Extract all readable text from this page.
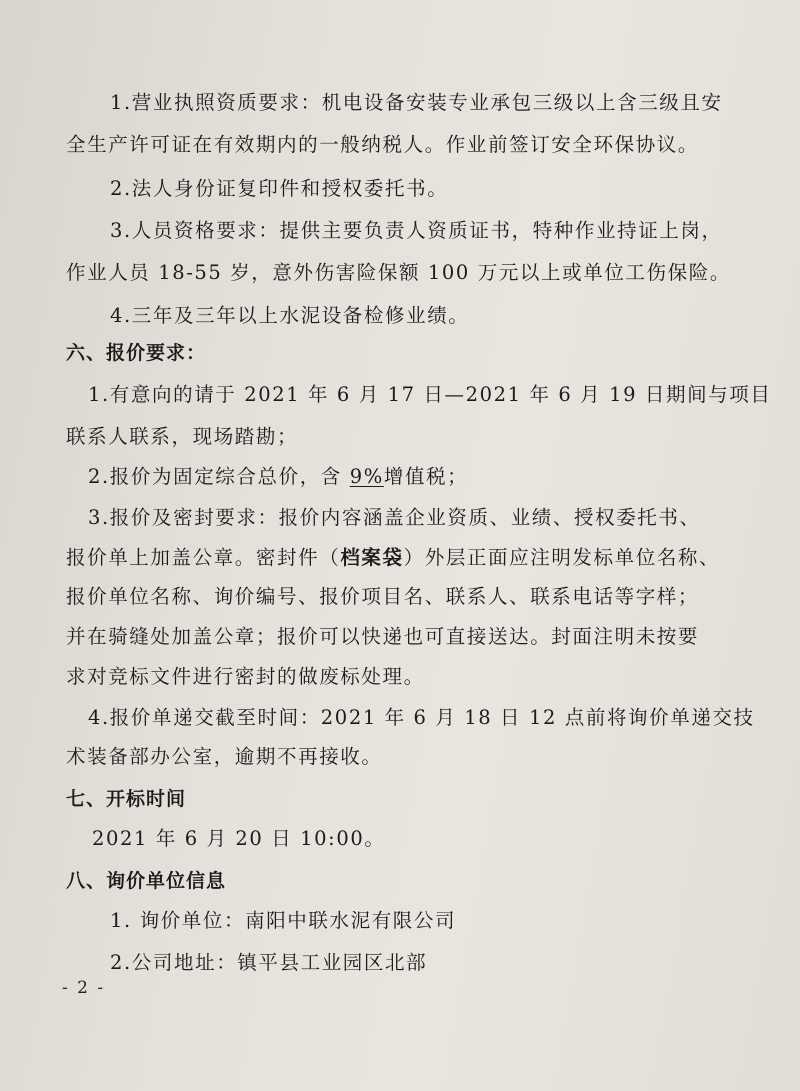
1.营业执照资质要求：机电设备安装专业承包三级以上含三级且安
全生产许可证在有效期内的一般纳税人。作业前签订安全环保协议。
2.法人身份证复印件和授权委托书。
3.人员资格要求：提供主要负责人资质证书，特种作业持证上岗，
作业人员 18-55 岁，意外伤害险保额 100 万元以上或单位工伤保险。
4.三年及三年以上水泥设备检修业绩。
六、报价要求：
1.有意向的请于 2021 年 6 月 17 日—2021 年 6 月 19 日期间与项目
联系人联系，现场踏勘；
2.报价为固定综合总价，含 9%增值税；
3.报价及密封要求：报价内容涵盖企业资质、业绩、授权委托书、
报价单上加盖公章。密封件（档案袋）外层正面应注明发标单位名称、
报价单位名称、询价编号、报价项目名、联系人、联系电话等字样；
并在骑缝处加盖公章；报价可以快递也可直接送达。封面注明未按要
求对竞标文件进行密封的做废标处理。
4.报价单递交截至时间：2021 年 6 月 18 日 12 点前将询价单递交技
术装备部办公室，逾期不再接收。
七、开标时间
2021 年 6 月 20 日 10:00。
八、询价单位信息
1. 询价单位：南阳中联水泥有限公司
2.公司地址：镇平县工业园区北部
- 2 -
